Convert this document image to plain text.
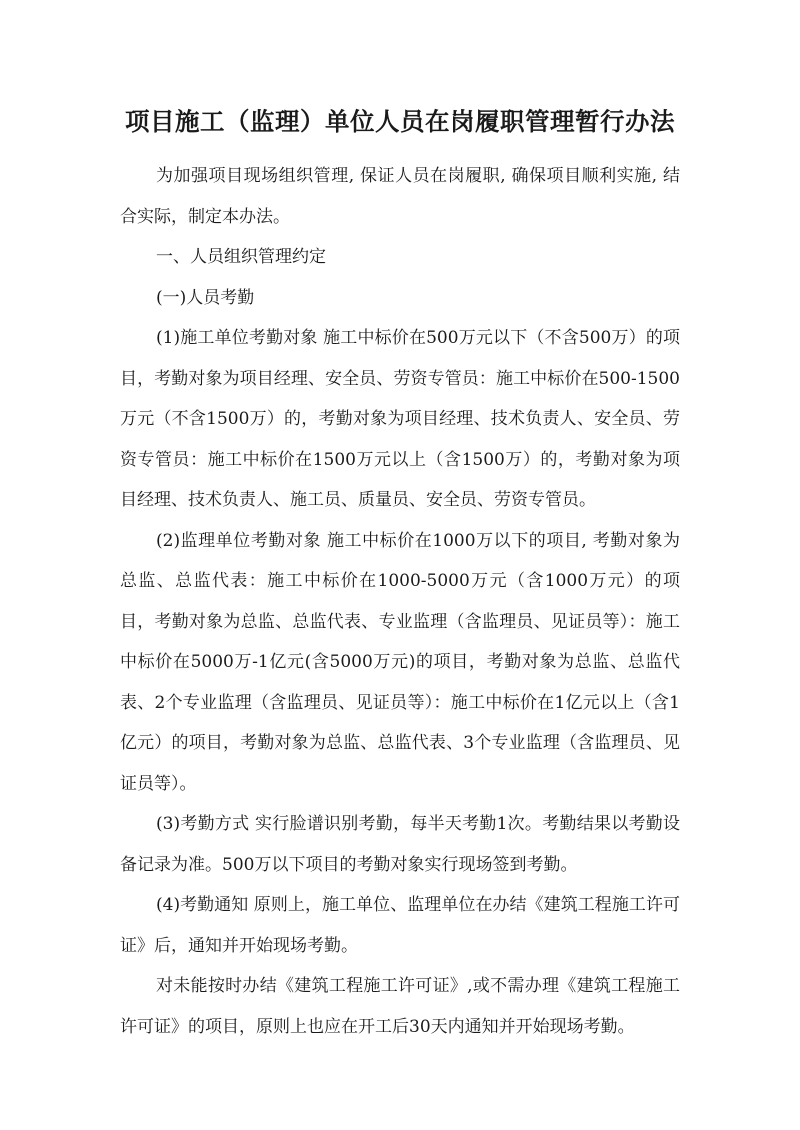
项目施工（监理）单位人员在岗履职管理暂行办法

为加强项目现场组织管理, 保证人员在岗履职, 确保项目顺利实施, 结合实际，制定本办法。

一、人员组织管理约定

(一)人员考勤

(1)施工单位考勤对象 施工中标价在500万元以下（不含500万）的项目，考勤对象为项目经理、安全员、劳资专管员：施工中标价在500-1500万元（不含1500万）的，考勤对象为项目经理、技术负责人、安全员、劳资专管员：施工中标价在1500万元以上（含1500万）的，考勤对象为项目经理、技术负责人、施工员、质量员、安全员、劳资专管员。

(2)监理单位考勤对象 施工中标价在1000万以下的项目, 考勤对象为总监、总监代表：施工中标价在1000-5000万元（含1000万元）的项目，考勤对象为总监、总监代表、专业监理（含监理员、见证员等）：施工中标价在5000万-1亿元(含5000万元)的项目，考勤对象为总监、总监代表、2个专业监理（含监理员、见证员等）：施工中标价在1亿元以上（含1亿元）的项目，考勤对象为总监、总监代表、3个专业监理（含监理员、见证员等）。

(3)考勤方式 实行脸谱识别考勤，每半天考勤1次。考勤结果以考勤设备记录为准。500万以下项目的考勤对象实行现场签到考勤。

(4)考勤通知 原则上，施工单位、监理单位在办结《建筑工程施工许可证》后，通知并开始现场考勤。

对未能按时办结《建筑工程施工许可证》,或不需办理《建筑工程施工许可证》的项目，原则上也应在开工后30天内通知并开始现场考勤。
